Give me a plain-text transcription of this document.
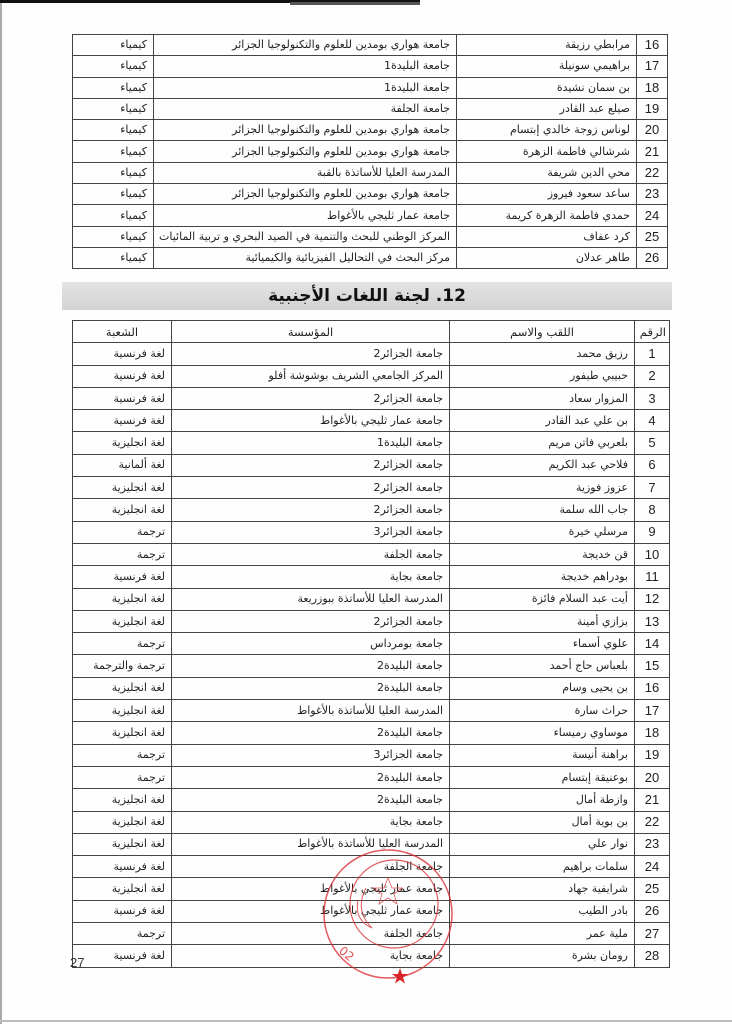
16	مرابطي رزيقة	جامعة هواري بومدين للعلوم والتكنولوجيا الجزائر	كيمياء
17	براهيمي سونيلة	جامعة البليدة1	كيمياء
18	بن سمان نشيدة	جامعة البليدة1	كيمياء
19	صيلع عبد القادر	جامعة الجلفة	كيمياء
20	لوناس زوجة خالدي إبتسام	جامعة هواري بومدين للعلوم والتكنولوجيا الجزائر	كيمياء
21	شرشالي فاطمة الزهرة	جامعة هواري بومدين للعلوم والتكنولوجيا الجزائر	كيمياء
22	محي الدين شريفة	المدرسة العليا للأساتذة بالقبة	كيمياء
23	ساعد سعود فيروز	جامعة هواري بومدين للعلوم والتكنولوجيا الجزائر	كيمياء
24	حمدي فاطمة الزهرة كريمة	جامعة عمار ثليجي بالأغواط	كيمياء
25	كرد عفاف	المركز الوطني للبحث والتنمية في الصيد البحري و تربية المائيات	كيمياء
26	طاهر عدلان	مركز البحث في التحاليل الفيزيائية والكيميائية	كيمياء
12. لجنة اللغات الأجنبية
الرقم	اللقب والاسم	المؤسسة	الشعبة
1	رزيق محمد	جامعة الجزائر2	لغة فرنسية
2	حبيبي طيفور	المركز الجامعي الشريف بوشوشة أفلو	لغة فرنسية
3	المزوار سعاد	جامعة الجزائر2	لغة فرنسية
4	بن علي عبد القادر	جامعة عمار ثليجي بالأغواط	لغة فرنسية
5	بلعربي فاتن مريم	جامعة البليدة1	لغة انجليزية
6	فلاحي عبد الكريم	جامعة الجزائر2	لغة ألمانية
7	عزوز فوزية	جامعة الجزائر2	لغة انجليزية
8	جاب الله سلمة	جامعة الجزائر2	لغة انجليزية
9	مرسلي خيرة	جامعة الجزائر3	ترجمة
10	قن خديجة	جامعة الجلفة	ترجمة
11	بودراهم خديجة	جامعة بجاية	لغة فرنسية
12	أيت عبد السلام فائزة	المدرسة العليا للأساتذة ببوزريعة	لغة انجليزية
13	بزازي أمينة	جامعة الجزائر2	لغة انجليزية
14	علوي أسماء	جامعة بومرداس	ترجمة
15	بلعباس حاج أحمد	جامعة البليدة2	ترجمة والترجمة
16	بن يحيى وسام	جامعة البليدة2	لغة انجليزية
17	حراث سارة	المدرسة العليا للأساتذة بالأغواط	لغة انجليزية
18	موساوي رميساء	جامعة البليدة2	لغة انجليزية
19	براهنة أنيسة	جامعة الجزائر3	ترجمة
20	بوعنيقة إبتسام	جامعة البليدة2	ترجمة
21	وازطة أمال	جامعة البليدة2	لغة انجليزية
22	بن بوية أمال	جامعة بجاية	لغة انجليزية
23	نوار علي	المدرسة العليا للأساتذة بالأغواط	لغة انجليزية
24	سلمات براهيم	جامعة الجلفة	لغة فرنسية
25	شرايفية جهاد	جامعة عمار ثليجي بالأغواط	لغة انجليزية
26	بادر الطيب	جامعة عمار ثليجي بالأغواط	لغة فرنسية
27	ملية عمر	جامعة الجلفة	ترجمة
28	رومان بشرة	جامعة بجاية	لغة فرنسية
27	02
